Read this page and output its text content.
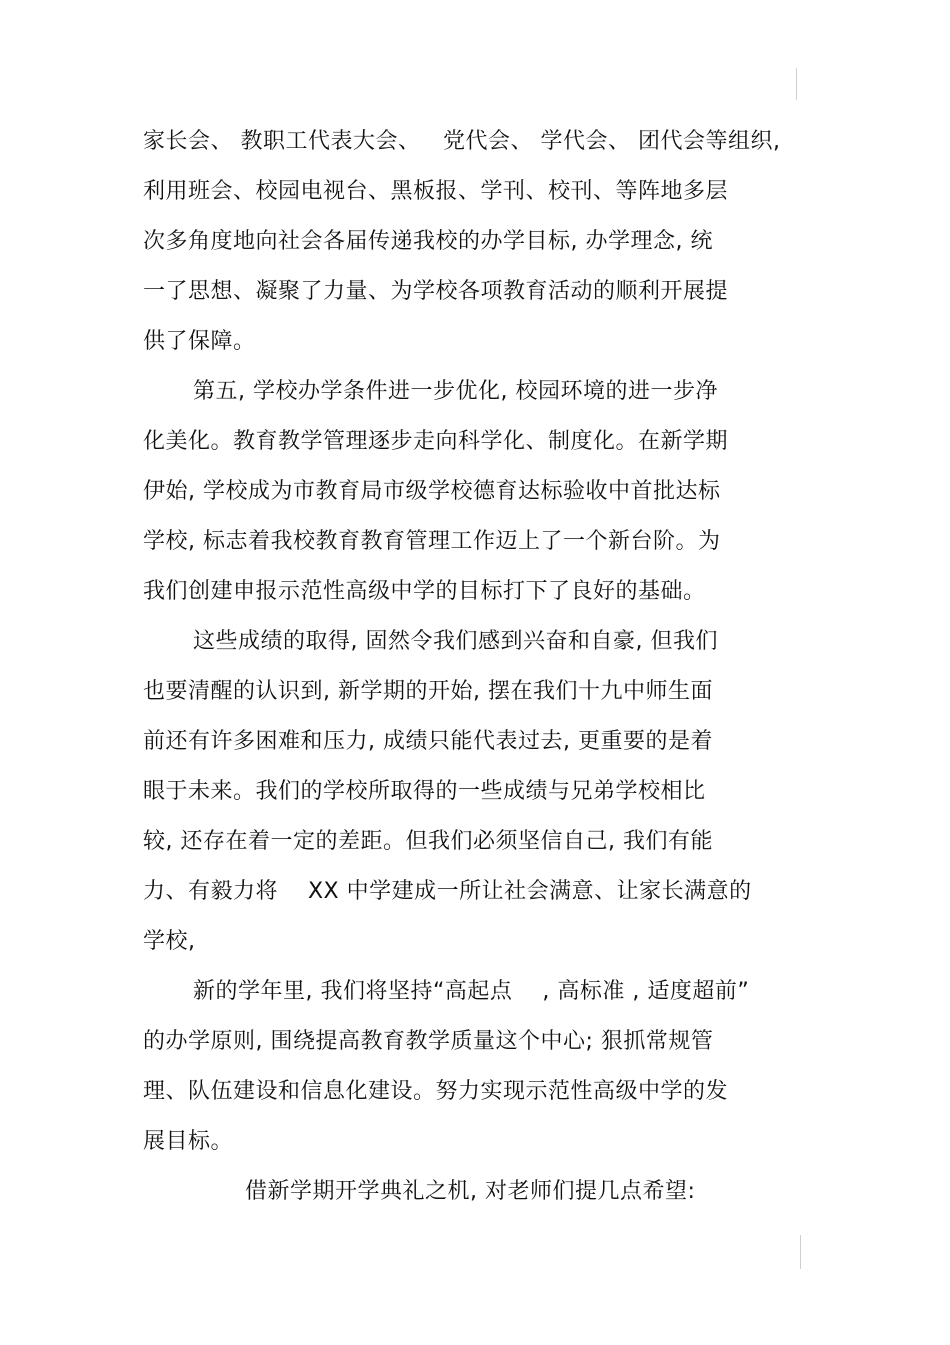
家长会、 教职工代表大会、   党代会、 学代会、 团代会等组织,
利用班会、校园电视台、黑板报、学刊、校刊、等阵地多层
次多角度地向社会各届传递我校的办学目标, 办学理念, 统
一了思想、凝聚了力量、为学校各项教育活动的顺利开展提
供了保障。
第五, 学校办学条件进一步优化, 校园环境的进一步净
化美化。教育教学管理逐步走向科学化、制度化。在新学期
伊始, 学校成为市教育局市级学校德育达标验收中首批达标
学校, 标志着我校教育教育管理工作迈上了一个新台阶。为
我们创建申报示范性高级中学的目标打下了良好的基础。
这些成绩的取得, 固然令我们感到兴奋和自豪, 但我们
也要清醒的认识到, 新学期的开始, 摆在我们十九中师生面
前还有许多困难和压力, 成绩只能代表过去, 更重要的是着
眼于未来。我们的学校所取得的一些成绩与兄弟学校相比
较, 还存在着一定的差距。但我们必须坚信自己, 我们有能
力、有毅力将    XX 中学建成一所让社会满意、让家长满意的
学校,
新的学年里, 我们将坚持“高起点    , 高标准 , 适度超前”
的办学原则, 围绕提高教育教学质量这个中心; 狠抓常规管
理、队伍建设和信息化建设。努力实现示范性高级中学的发
展目标。
借新学期开学典礼之机, 对老师们提几点希望:
